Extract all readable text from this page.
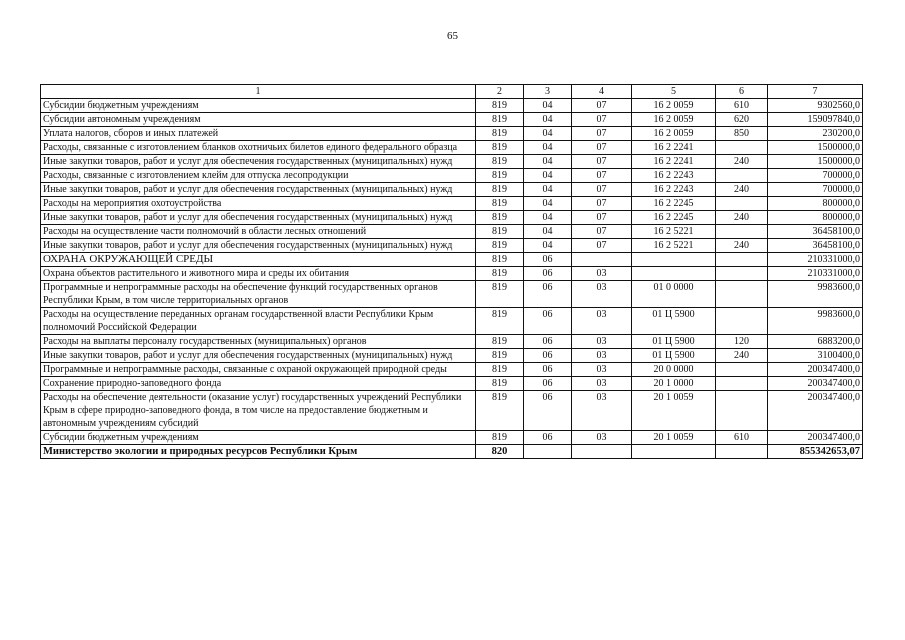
65
1	2	3	4	5	6	7
Субсидии бюджетным учреждениям	819	04	07	16 2 0059	610	9302560,0
Субсидии автономным учреждениям	819	04	07	16 2 0059	620	159097840,0
Уплата налогов, сборов и иных платежей	819	04	07	16 2 0059	850	230200,0
Расходы, связанные с изготовлением бланков охотничьих билетов единого федерального образца	819	04	07	16 2 2241		1500000,0
Иные закупки товаров, работ и услуг для обеспечения государственных (муниципальных) нужд	819	04	07	16 2 2241	240	1500000,0
Расходы, связанные с изготовлением клейм для отпуска лесопродукции	819	04	07	16 2 2243		700000,0
Иные закупки товаров, работ и услуг для обеспечения государственных (муниципальных) нужд	819	04	07	16 2 2243	240	700000,0
Расходы на мероприятия охотоустройства	819	04	07	16 2 2245		800000,0
Иные закупки товаров, работ и услуг для обеспечения государственных (муниципальных) нужд	819	04	07	16 2 2245	240	800000,0
Расходы на осуществление части полномочий в области лесных отношений	819	04	07	16 2 5221		36458100,0
Иные закупки товаров, работ и услуг для обеспечения государственных (муниципальных) нужд	819	04	07	16 2 5221	240	36458100,0
ОХРАНА ОКРУЖАЮЩЕЙ СРЕДЫ	819	06				210331000,0
Охрана объектов растительного и животного мира и среды их обитания	819	06	03			210331000,0
Программные и непрограммные расходы на обеспечение функций государственных органов Республики Крым, в том числе территориальных органов	819	06	03	01 0 0000		9983600,0
Расходы на осуществление переданных органам государственной власти Республики Крым полномочий Российской Федерации	819	06	03	01 Ц 5900		9983600,0
Расходы на выплаты персоналу государственных (муниципальных) органов	819	06	03	01 Ц 5900	120	6883200,0
Иные закупки товаров, работ и услуг для обеспечения государственных (муниципальных) нужд	819	06	03	01 Ц 5900	240	3100400,0
Программные и непрограммные расходы, связанные с охраной окружающей природной среды	819	06	03	20 0 0000		200347400,0
Сохранение природно-заповедного фонда	819	06	03	20 1 0000		200347400,0
Расходы на обеспечение деятельности (оказание услуг) государственных учреждений Республики Крым в сфере природно-заповедного фонда, в том числе на предоставление бюджетным и автономным учреждениям субсидий	819	06	03	20 1 0059		200347400,0
Субсидии бюджетным учреждениям	819	06	03	20 1 0059	610	200347400,0
Министерство экологии и природных ресурсов Республики Крым	820					855342653,07
